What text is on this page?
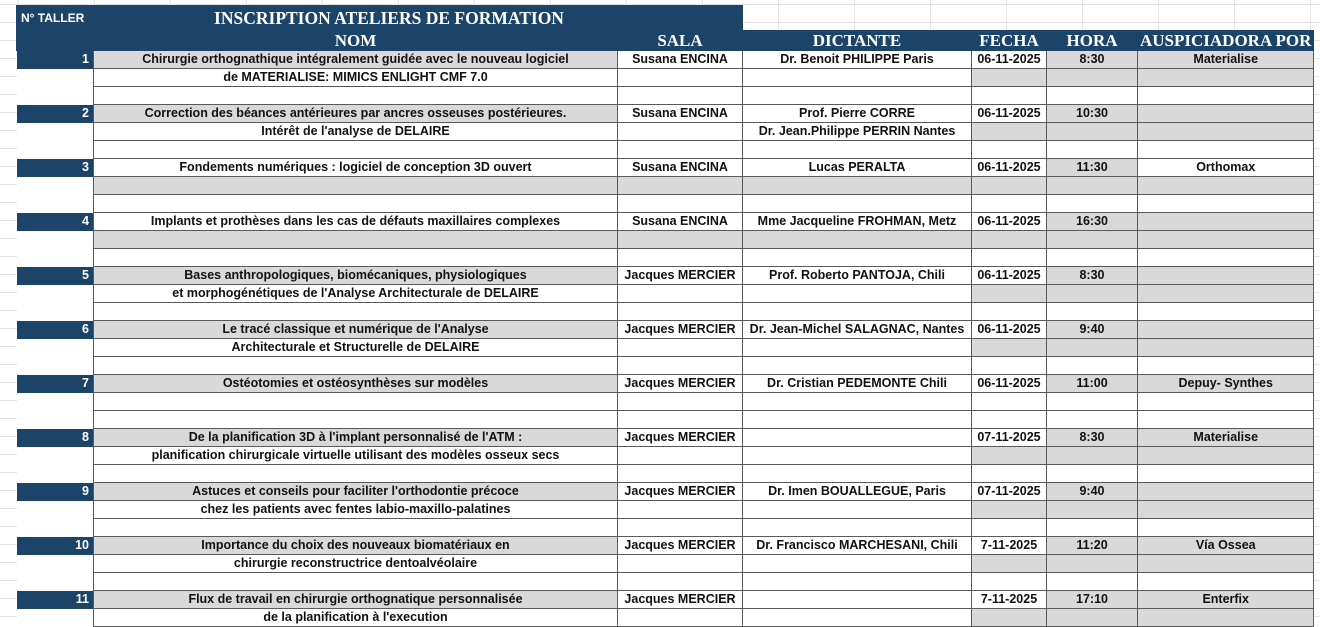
N° TALLER	INSCRIPTION ATELIERS DE FORMATION					
	NOM	SALA	DICTANTE	FECHA	HORA	AUSPICIADORA POR
1	Chirurgie orthognathique intégralement guidée avec le nouveau logiciel	Susana ENCINA	Dr. Benoit PHILIPPE Paris	06-11-2025	8:30	Materialise
	de MATERIALISE: MIMICS ENLIGHT CMF 7.0					

2	Correction des béances antérieures par ancres osseuses postérieures.	Susana ENCINA	Prof. Pierre CORRE	06-11-2025	10:30	
	Intérêt de l'analyse de DELAIRE		Dr. Jean.Philippe PERRIN Nantes			

3	Fondements numériques : logiciel de conception 3D ouvert	Susana ENCINA	Lucas PERALTA	06-11-2025	11:30	Orthomax

4	Implants et prothèses dans les cas de défauts maxillaires complexes	Susana ENCINA	Mme Jacqueline FROHMAN, Metz	06-11-2025	16:30	

5	Bases anthropologiques, biomécaniques, physiologiques	Jacques MERCIER	Prof. Roberto PANTOJA, Chili	06-11-2025	8:30	
	et morphogénétiques de l'Analyse Architecturale de DELAIRE					

6	Le tracé classique et numérique de l'Analyse	Jacques MERCIER	Dr. Jean-Michel SALAGNAC, Nantes	06-11-2025	9:40	
	Architecturale et Structurelle de DELAIRE					

7	Ostéotomies et ostéosynthèses sur modèles	Jacques MERCIER	Dr. Cristian PEDEMONTE Chili	06-11-2025	11:00	Depuy- Synthes

8	De la planification 3D à l'implant personnalisé de l'ATM :	Jacques MERCIER		07-11-2025	8:30	Materialise
	planification chirurgicale virtuelle utilisant des modèles osseux secs					

9	Astuces et conseils pour faciliter l'orthodontie précoce	Jacques MERCIER	Dr. Imen BOUALLEGUE, Paris	07-11-2025	9:40	
	chez les patients avec fentes labio-maxillo-palatines					

10	Importance du choix des nouveaux biomatériaux en	Jacques MERCIER	Dr. Francisco MARCHESANI, Chili	7-11-2025	11:20	Vía Ossea
	chirurgie reconstructrice dentoalvéolaire					

11	Flux de travail en chirurgie orthognatique personnalisée	Jacques MERCIER		7-11-2025	17:10	Enterfix
	de la planification à l'execution					
